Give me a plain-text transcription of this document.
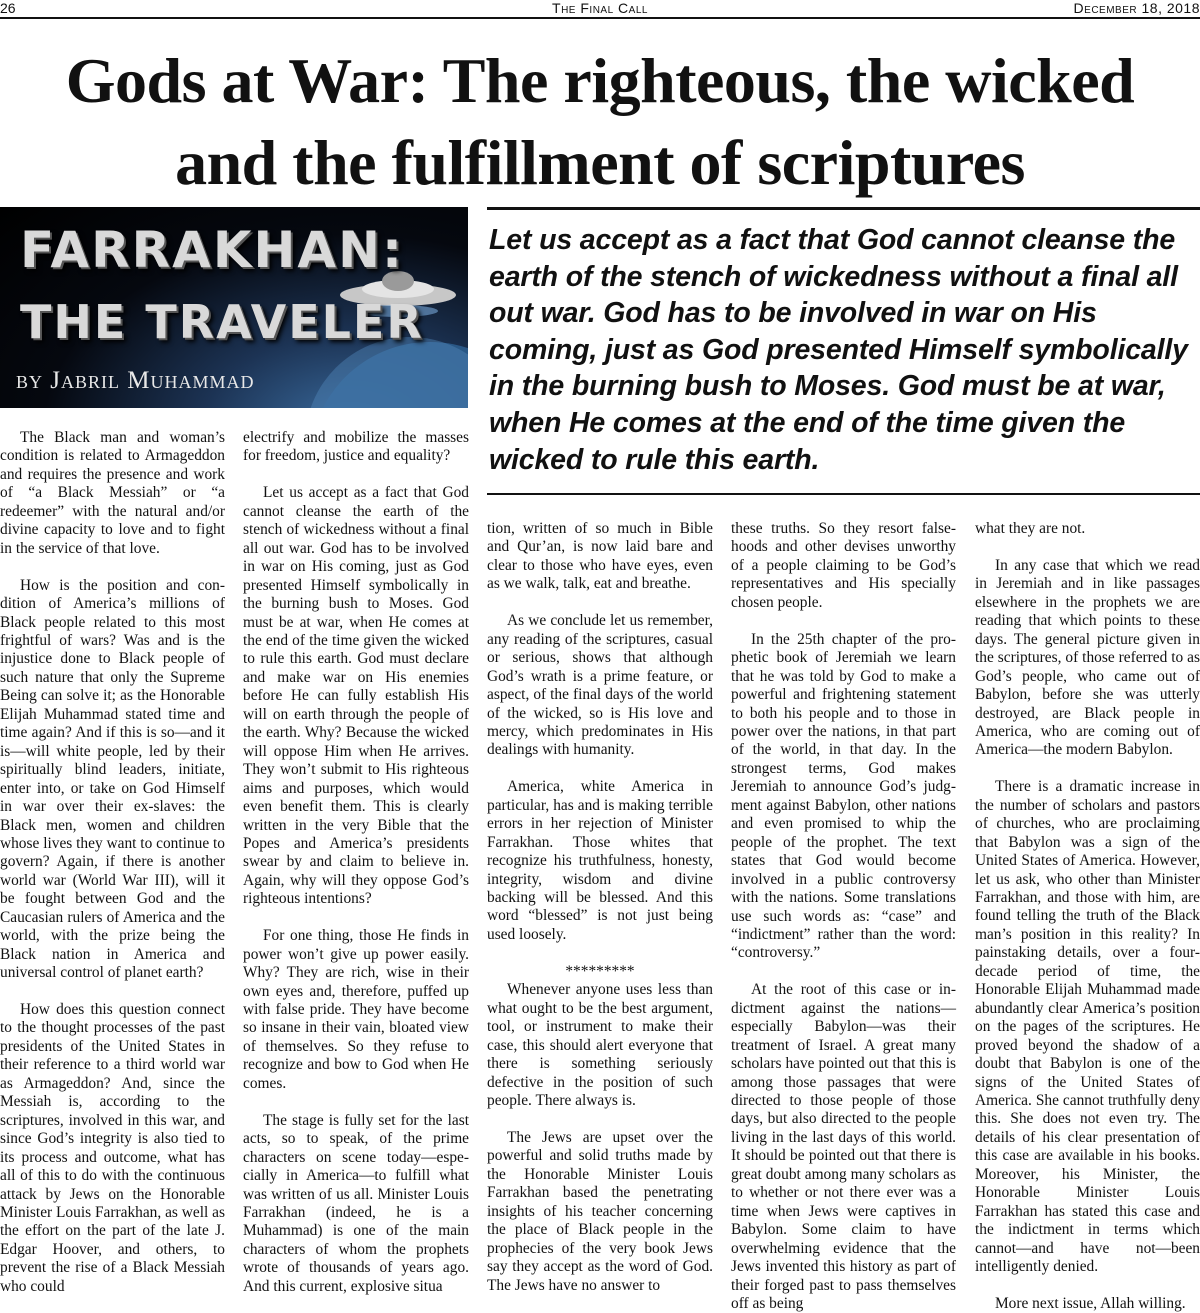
26	The Final Call	December 18, 2018
Gods at War: The righteous, the wicked
and the fulfillment of scriptures
FARRAKHAN:
THE TRAVELER
by Jabril Muhammad

Let us accept as a fact that God cannot cleanse the earth of the stench of wickedness without a final all out war. God has to be involved in war on His coming, just as God presented Himself symbolically in the burning bush to Moses. God must be at war, when He comes at the end of the time given the wicked to rule this earth.

The Black man and woman’s condition is related to Armageddon and requires the presence and work of “a Black Messiah” or “a redeemer” with the natural and/or divine capacity to love and to fight in the service of that love.

How is the position and condition of America’s millions of Black people related to this most frightful of wars? Was and is the injustice done to Black people of such nature that only the Supreme Being can solve it; as the Honorable Elijah Muhammad stated time and time again? And if this is so—and it is—will white people, led by their spiritually blind leaders, initiate, enter into, or take on God Himself in war over their ex-slaves: the Black men, women and children whose lives they want to continue to govern? Again, if there is another world war (World War III), will it be fought between God and the Caucasian rulers of America and the world, with the prize being the Black nation in America and universal control of planet earth?

How does this question connect to the thought processes of the past presidents of the United States in their reference to a third world war as Armageddon? And, since the Messiah is, according to the scriptures, involved in this war, and since God’s integrity is also tied to its process and outcome, what has all of this to do with the continuous attack by Jews on the Honorable Minister Louis Farrakhan, as well as the effort on the part of the late J. Edgar Hoover, and others, to prevent the rise of a Black Messiah who could

electrify and mobilize the masses for freedom, justice and equality?

Let us accept as a fact that God cannot cleanse the earth of the stench of wickedness without a final all out war. God has to be involved in war on His coming, just as God presented Himself symbolically in the burning bush to Moses. God must be at war, when He comes at the end of the time given the wicked to rule this earth. God must declare and make war on His enemies before He can fully establish His will on earth through the people of the earth. Why? Because the wicked will oppose Him when He arrives. They won’t submit to His righteous aims and purposes, which would even benefit them. This is clearly written in the very Bible that the Popes and America’s presidents swear by and claim to believe in. Again, why will they oppose God’s righteous intentions?

For one thing, those He finds in power won’t give up power easily. Why? They are rich, wise in their own eyes and, therefore, puffed up with false pride. They have become so insane in their vain, bloated view of themselves. So they refuse to recognize and bow to God when He comes.

The stage is fully set for the last acts, so to speak, of the prime characters on scene today—especially in America—to fulfill what was written of us all. Minister Louis Farrakhan (indeed, he is a Muhammad) is one of the main characters of whom the prophets wrote of thousands of years ago. And this current, explosive situa

tion, written of so much in Bible and Qur’an, is now laid bare and clear to those who have eyes, even as we walk, talk, eat and breathe.

As we conclude let us remember, any reading of the scriptures, casual or serious, shows that although God’s wrath is a prime feature, or aspect, of the final days of the world of the wicked, so is His love and mercy, which predominates in His dealings with humanity.

America, white America in particular, has and is making terrible errors in her rejection of Minister Farrakhan. Those whites that recognize his truthfulness, honesty, integrity, wisdom and divine backing will be blessed. And this word “blessed” is not just being used loosely.

*********

Whenever anyone uses less than what ought to be the best argument, tool, or instrument to make their case, this should alert everyone that there is something seriously defective in the position of such people. There always is.

The Jews are upset over the powerful and solid truths made by the Honorable Minister Louis Farrakhan based the penetrating insights of his teacher concerning the place of Black people in the prophecies of the very book Jews say they accept as the word of God. The Jews have no answer to

these truths. So they resort falsehoods and other devises unworthy of a people claiming to be God’s representatives and His specially chosen people.

In the 25th chapter of the prophetic book of Jeremiah we learn that he was told by God to make a powerful and frightening statement to both his people and to those in power over the nations, in that part of the world, in that day. In the strongest terms, God makes Jeremiah to announce God’s judgment against Babylon, other nations and even promised to whip the people of the prophet. The text states that God would become involved in a public controversy with the nations. Some translations use such words as: “case” and “indictment” rather than the word: “controversy.”

At the root of this case or indictment against the nations—especially Babylon—was their treatment of Israel. A great many scholars have pointed out that this is among those passages that were directed to those people of those days, but also directed to the people living in the last days of this world. It should be pointed out that there is great doubt among many scholars as to whether or not there ever was a time when Jews were captives in Babylon. Some claim to have overwhelming evidence that the Jews invented this history as part of their forged past to pass themselves off as being

what they are not.

In any case that which we read in Jeremiah and in like passages elsewhere in the prophets we are reading that which points to these days. The general picture given in the scriptures, of those referred to as God’s people, who came out of Babylon, before she was utterly destroyed, are Black people in America, who are coming out of America—the modern Babylon.

There is a dramatic increase in the number of scholars and pastors of churches, who are proclaiming that Babylon was a sign of the United States of America. However, let us ask, who other than Minister Farrakhan, and those with him, are found telling the truth of the Black man’s position in this reality? In painstaking details, over a four-decade period of time, the Honorable Elijah Muhammad made abundantly clear America’s position on the pages of the scriptures. He proved beyond the shadow of a doubt that Babylon is one of the signs of the United States of America. She cannot truthfully deny this. She does not even try. The details of his clear presentation of this case are available in his books. Moreover, his Minister, the Honorable Minister Louis Farrakhan has stated this case and the indictment in terms which cannot—and have not—been intelligently denied.

More next issue, Allah willing.
